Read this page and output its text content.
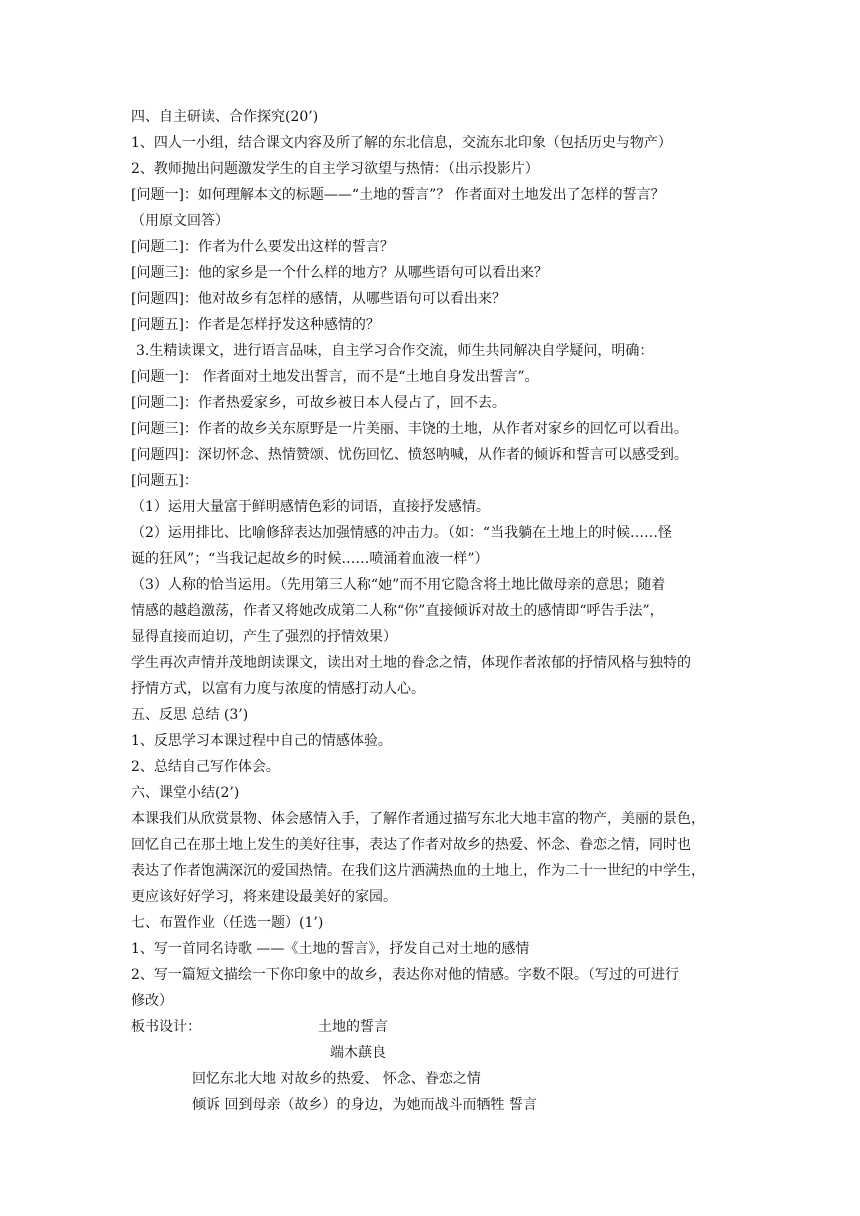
四、自主研读、合作探究(20’)
1、四人一小组，结合课文内容及所了解的东北信息，交流东北印象（包括历史与物产）
2、教师抛出问题激发学生的自主学习欲望与热情：（出示投影片）
[问题一]：如何理解本文的标题——“土地的誓言”？ 作者面对土地发出了怎样的誓言？
（用原文回答）
[问题二]：作者为什么要发出这样的誓言？
[问题三]：他的家乡是一个什么样的地方？从哪些语句可以看出来？
[问题四]：他对故乡有怎样的感情，从哪些语句可以看出来？
[问题五]：作者是怎样抒发这种感情的？
3.生精读课文，进行语言品味，自主学习合作交流，师生共同解决自学疑问，明确：
[问题一]： 作者面对土地发出誓言，而不是“土地自身发出誓言”。
[问题二]：作者热爱家乡，可故乡被日本人侵占了，回不去。
[问题三]：作者的故乡关东原野是一片美丽、丰饶的土地，从作者对家乡的回忆可以看出。
[问题四]：深切怀念、热情赞颂、忧伤回忆、愤怒呐喊，从作者的倾诉和誓言可以感受到。
[问题五]：
（1）运用大量富于鲜明感情色彩的词语，直接抒发感情。
（2）运用排比、比喻修辞表达加强情感的冲击力。（如：“当我躺在土地上的时候……怪
诞的狂风”；“当我记起故乡的时候……喷涌着血液一样”）
（3）人称的恰当运用。（先用第三人称“她”而不用它隐含将土地比做母亲的意思；随着
情感的越趋激荡，作者又将她改成第二人称“你”直接倾诉对故土的感情即“呼告手法”，
显得直接而迫切，产生了强烈的抒情效果）
学生再次声情并茂地朗读课文，读出对土地的眷念之情，体现作者浓郁的抒情风格与独特的
抒情方式，以富有力度与浓度的情感打动人心。
五、反思 总结 (3’)
1、反思学习本课过程中自己的情感体验。
2、总结自己写作体会。
六、课堂小结(2’)
本课我们从欣赏景物、体会感情入手，了解作者通过描写东北大地丰富的物产，美丽的景色，
回忆自己在那土地上发生的美好往事，表达了作者对故乡的热爱、怀念、眷恋之情，同时也
表达了作者饱满深沉的爱国热情。在我们这片洒满热血的土地上，作为二十一世纪的中学生，
更应该好好学习，将来建设最美好的家园。
七、布置作业（任选一题）(1’)
1、写一首同名诗歌 ——《土地的誓言》，抒发自己对土地的感情
2、写一篇短文描绘一下你印象中的故乡，表达你对他的情感。字数不限。（写过的可进行
修改）
板书设计：	土地的誓言
端木蕻良
回忆东北大地 对故乡的热爱、 怀念、眷恋之情
倾诉 回到母亲（故乡）的身边，为她而战斗而牺牲 誓言
